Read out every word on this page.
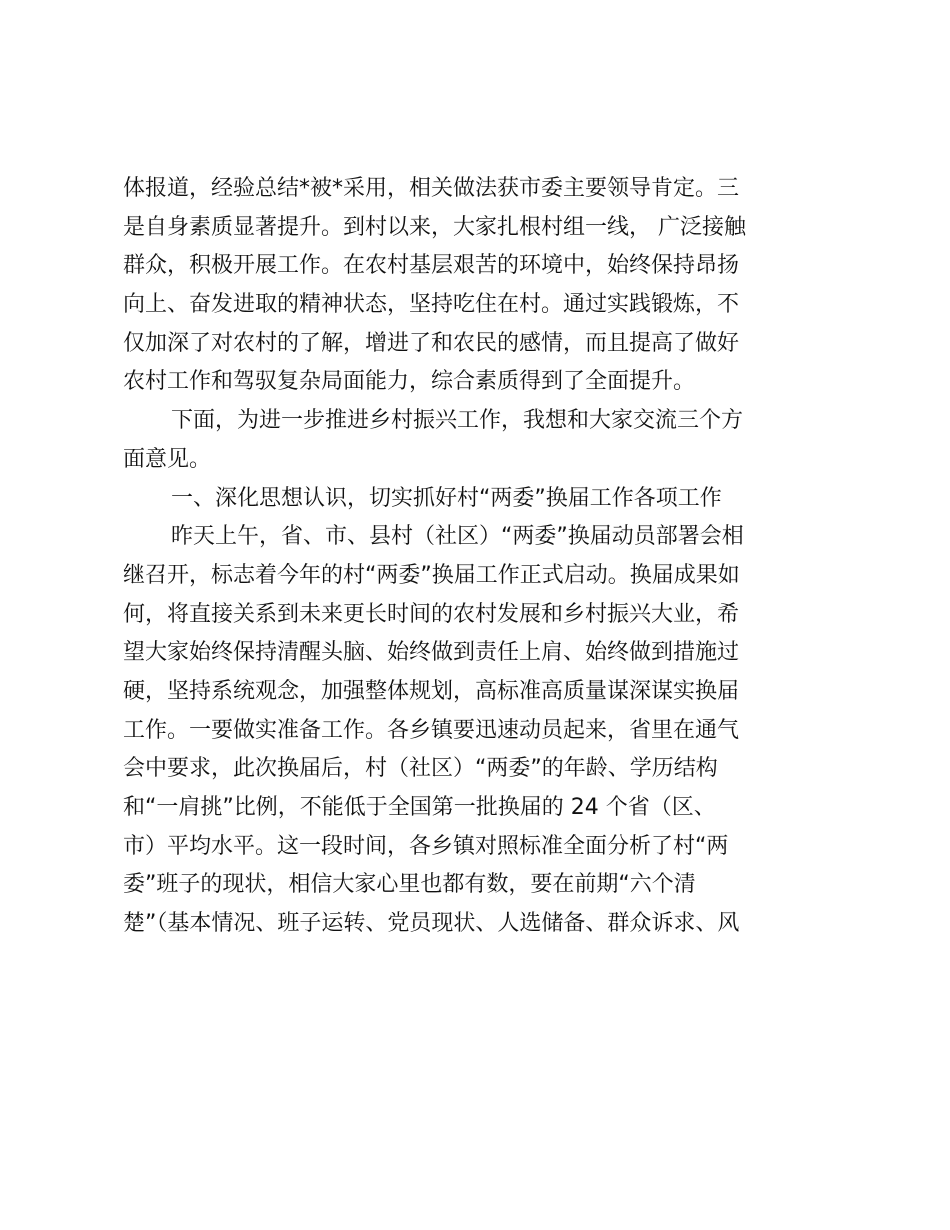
体报道，经验总结*被*采用，相关做法获市委主要领导肯定。三
是自身素质显著提升。到村以来，大家扎根村组一线， 广泛接触
群众，积极开展工作。在农村基层艰苦的环境中，始终保持昂扬
向上、奋发进取的精神状态，坚持吃住在村。通过实践锻炼，不
仅加深了对农村的了解，增进了和农民的感情，而且提高了做好
农村工作和驾驭复杂局面能力，综合素质得到了全面提升。
下面，为进一步推进乡村振兴工作，我想和大家交流三个方
面意见。
一、深化思想认识，切实抓好村“两委”换届工作各项工作
昨天上午，省、市、县村（社区）“两委”换届动员部署会相
继召开，标志着今年的村“两委”换届工作正式启动。换届成果如
何，将直接关系到未来更长时间的农村发展和乡村振兴大业，希
望大家始终保持清醒头脑、始终做到责任上肩、始终做到措施过
硬，坚持系统观念，加强整体规划，高标准高质量谋深谋实换届
工作。一要做实准备工作。各乡镇要迅速动员起来，省里在通气
会中要求，此次换届后，村（社区）“两委”的年龄、学历结构
和“一肩挑”比例，不能低于全国第一批换届的 24 个省（区、
市）平均水平。这一段时间，各乡镇对照标准全面分析了村“两
委”班子的现状，相信大家心里也都有数，要在前期“六个清
楚”（基本情况、班子运转、党员现状、人选储备、群众诉求、风
